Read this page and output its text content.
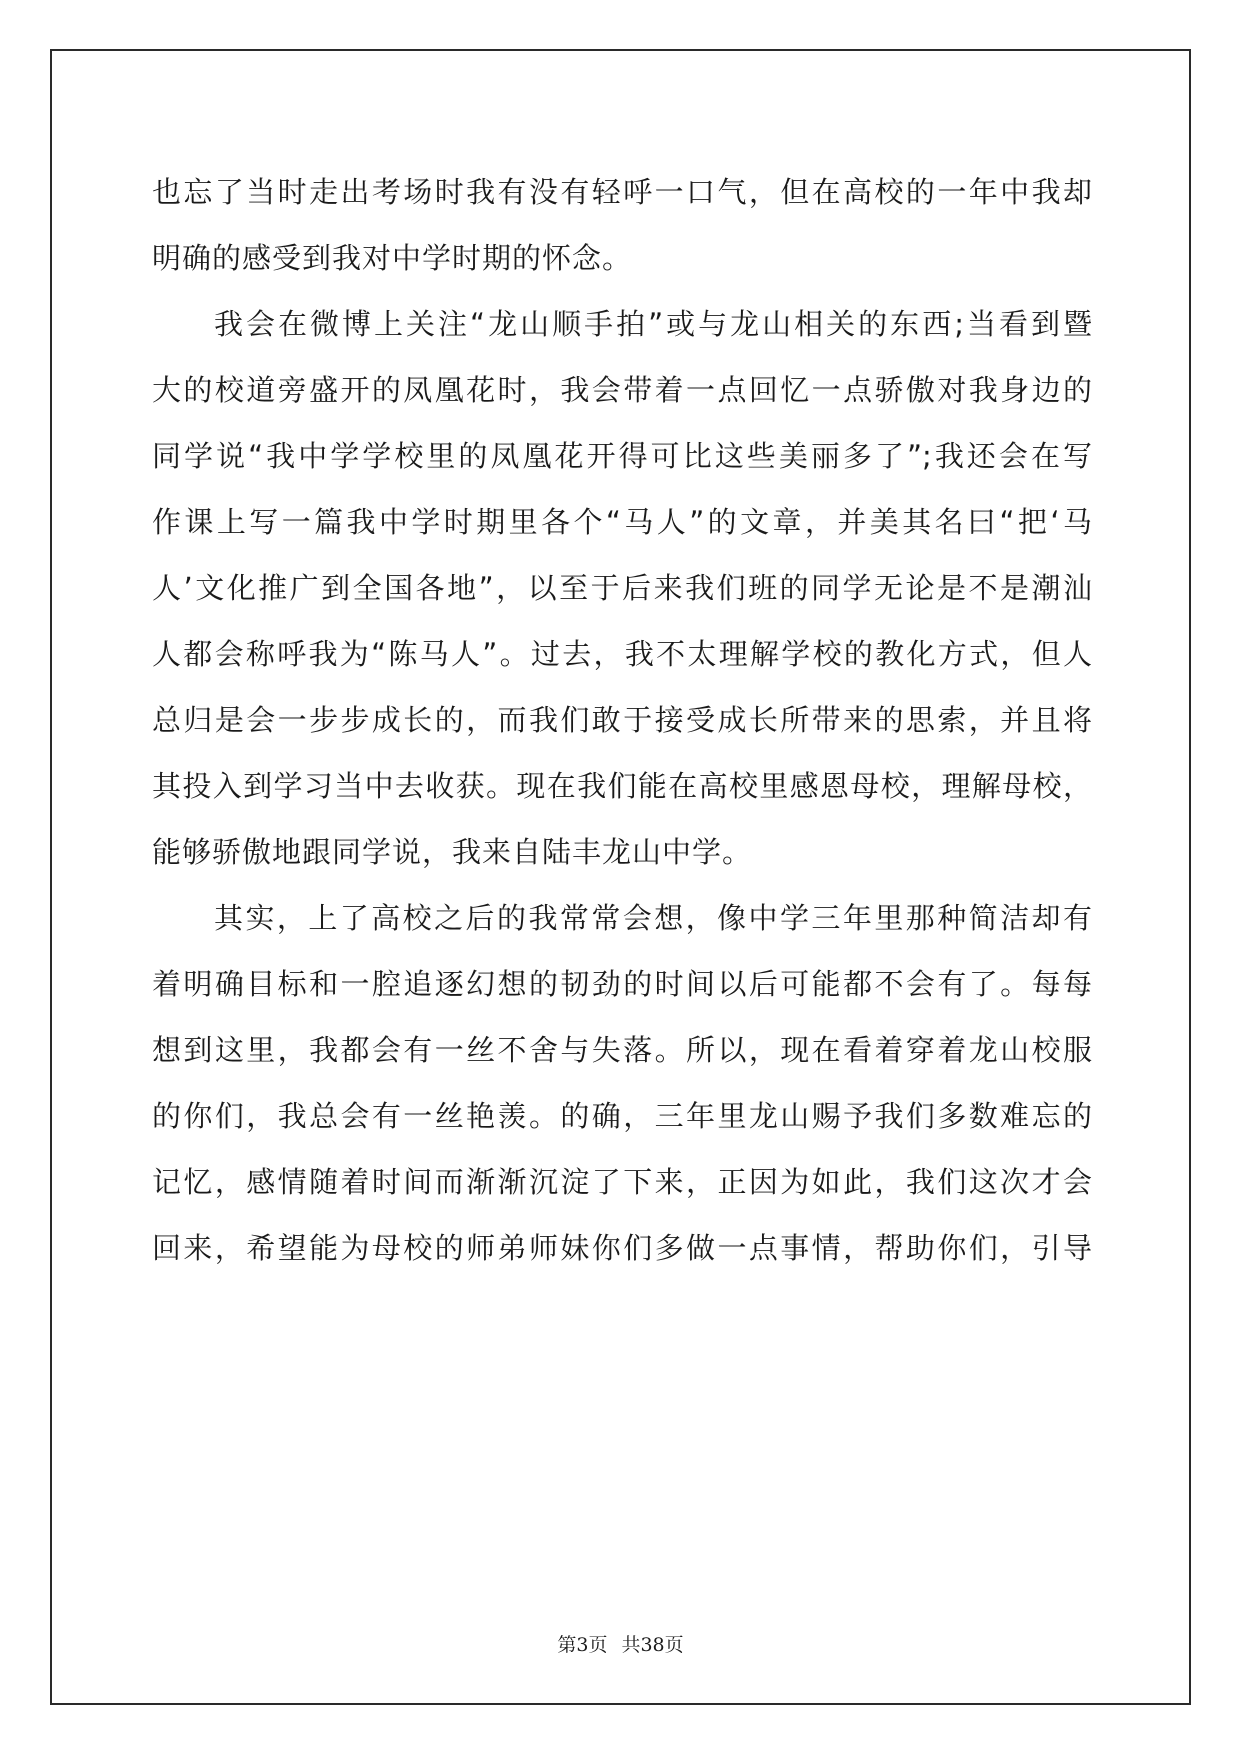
也忘了当时走出考场时我有没有轻呼一口气，但在高校的一年中我却
明确的感受到我对中学时期的怀念。
我会在微博上关注“龙山顺手拍”或与龙山相关的东西;当看到暨
大的校道旁盛开的凤凰花时，我会带着一点回忆一点骄傲对我身边的
同学说“我中学学校里的凤凰花开得可比这些美丽多了”;我还会在写
作课上写一篇我中学时期里各个“马人”的文章，并美其名曰“把‘马
人’文化推广到全国各地”，以至于后来我们班的同学无论是不是潮汕
人都会称呼我为“陈马人”。过去，我不太理解学校的教化方式，但人
总归是会一步步成长的，而我们敢于接受成长所带来的思索，并且将
其投入到学习当中去收获。现在我们能在高校里感恩母校，理解母校，
能够骄傲地跟同学说，我来自陆丰龙山中学。
其实，上了高校之后的我常常会想，像中学三年里那种简洁却有
着明确目标和一腔追逐幻想的韧劲的时间以后可能都不会有了。每每
想到这里，我都会有一丝不舍与失落。所以，现在看着穿着龙山校服
的你们，我总会有一丝艳羡。的确，三年里龙山赐予我们多数难忘的
记忆，感情随着时间而渐渐沉淀了下来，正因为如此，我们这次才会
回来，希望能为母校的师弟师妹你们多做一点事情，帮助你们，引导
第3页 共38页
